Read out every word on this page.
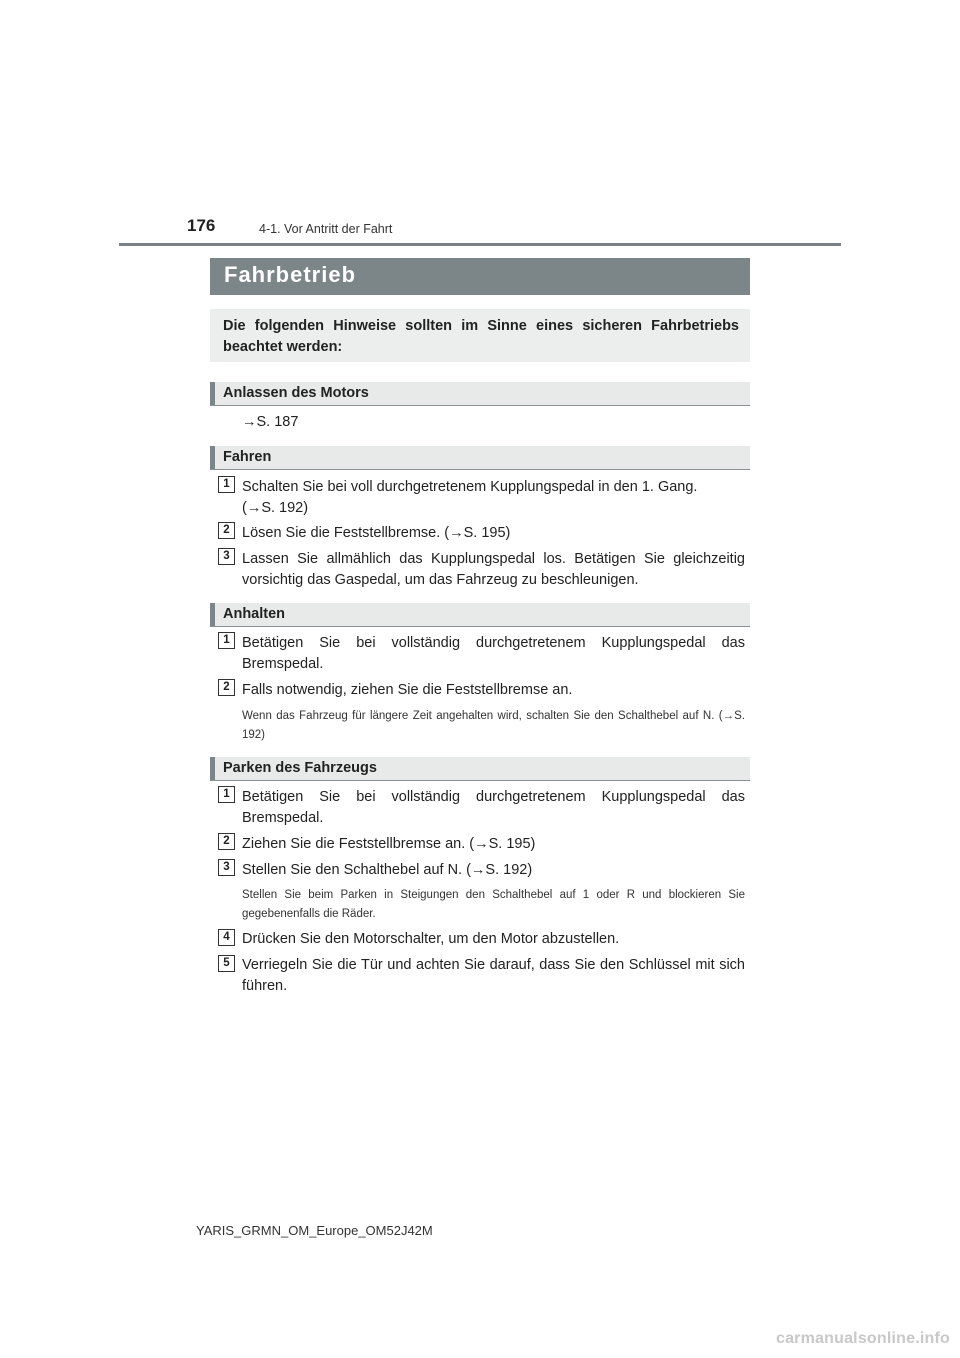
176	4-1. Vor Antritt der Fahrt
Fahrbetrieb
Die folgenden Hinweise sollten im Sinne eines sicheren Fahrbetriebs beachtet werden:
Anlassen des Motors
→S. 187
Fahren
1 Schalten Sie bei voll durchgetretenem Kupplungspedal in den 1. Gang.
(→S. 192)
2 Lösen Sie die Feststellbremse. (→S. 195)
3 Lassen Sie allmählich das Kupplungspedal los. Betätigen Sie gleichzeitig vorsichtig das Gaspedal, um das Fahrzeug zu beschleunigen.
Anhalten
1 Betätigen Sie bei vollständig durchgetretenem Kupplungspedal das Bremspedal.
2 Falls notwendig, ziehen Sie die Feststellbremse an.
Wenn das Fahrzeug für längere Zeit angehalten wird, schalten Sie den Schalthebel auf N. (→S. 192)
Parken des Fahrzeugs
1 Betätigen Sie bei vollständig durchgetretenem Kupplungspedal das Bremspedal.
2 Ziehen Sie die Feststellbremse an. (→S. 195)
3 Stellen Sie den Schalthebel auf N. (→S. 192)
Stellen Sie beim Parken in Steigungen den Schalthebel auf 1 oder R und blockieren Sie gegebenenfalls die Räder.
4 Drücken Sie den Motorschalter, um den Motor abzustellen.
5 Verriegeln Sie die Tür und achten Sie darauf, dass Sie den Schlüssel mit sich führen.
YARIS_GRMN_OM_Europe_OM52J42M
carmanualsonline.info
